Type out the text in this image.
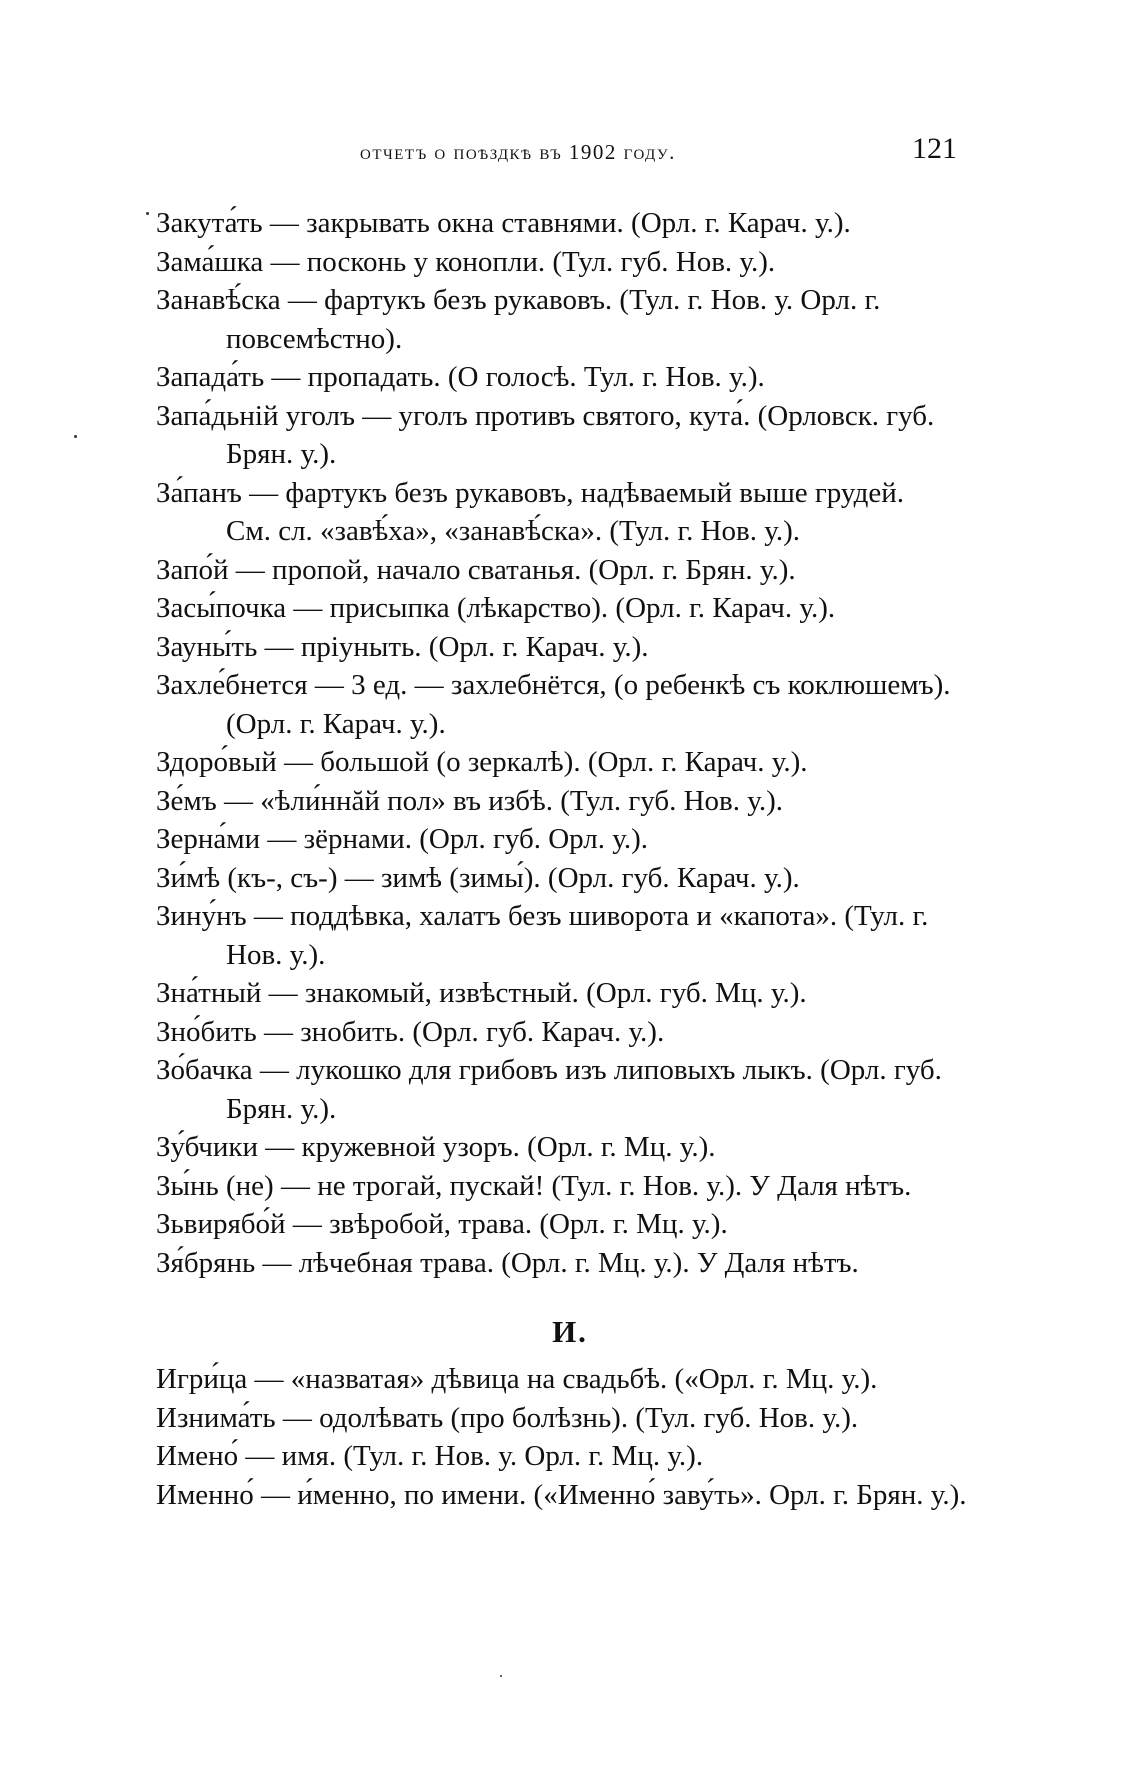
отчетъ о поѣздкѣ въ 1902 году.	121

Закута́ть — закрывать окна ставнями. (Орл. г. Карач. у.).

Зама́шка — посконь у конопли. (Тул. губ. Нов. у.).

Занавѣ́ска — фартукъ безъ рукавовъ. (Тул. г. Нов. у. Орл. г.
повсемѣстно).

Запада́ть — пропадать. (О голосѣ. Тул. г. Нов. у.).

Запа́дьній уголъ — уголъ противъ святого, кута́. (Орловск. губ.
Брян. у.).

За́панъ — фартукъ безъ рукавовъ, надѣваемый выше грудей.
См. сл. «завѣ́ха», «занавѣ́ска». (Тул. г. Нов. у.).

Запо́й — пропой, начало сватанья. (Орл. г. Брян. у.).

Засы́почка — присыпка (лѣкарство). (Орл. г. Карач. у.).

Зауны́ть — пріуныть. (Орл. г. Карач. у.).

Захле́бнется — 3 ед. — захлебнётся, (о ребенкѣ съ коклюшемъ).
(Орл. г. Карач. у.).

Здоро́вый — большой (о зеркалѣ). (Орл. г. Карач. у.).

Зе́мъ — «ѣли́ннăй пол» въ избѣ. (Тул. губ. Нов. у.).

Зерна́ми — зёрнами. (Орл. губ. Орл. у.).

Зи́мѣ (къ-, съ-) — зимѣ (зимы́). (Орл. губ. Карач. у.).

Зину́нъ — поддѣвка, халатъ безъ шиворота и «капота». (Тул. г.
Нов. у.).

Зна́тный — знакомый, извѣстный. (Орл. губ. Мц. у.).

Зно́бить — знобить. (Орл. губ. Карач. у.).

Зо́бачка — лукошко для грибовъ изъ липовыхъ лыкъ. (Орл. губ.
Брян. у.).

Зу́бчики — кружевной узоръ. (Орл. г. Мц. у.).

Зы́нь (не) — не трогай, пускай! (Тул. г. Нов. у.). У Даля нѣтъ.

Зьвирябо́й — звѣробой, трава. (Орл. г. Мц. у.).

Зя́брянь — лѣчебная трава. (Орл. г. Мц. у.). У Даля нѣтъ.

И.

Игри́ца — «назватая» дѣвица на свадьбѣ. («Орл. г. Мц. у.).

Изнима́ть — одолѣвать (про болѣзнь). (Тул. губ. Нов. у.).

Имено́ — имя. (Тул. г. Нов. у. Орл. г. Мц. у.).

Именно́ — и́менно, по имени. («Именно́ заву́ть». Орл. г. Брян. у.).
